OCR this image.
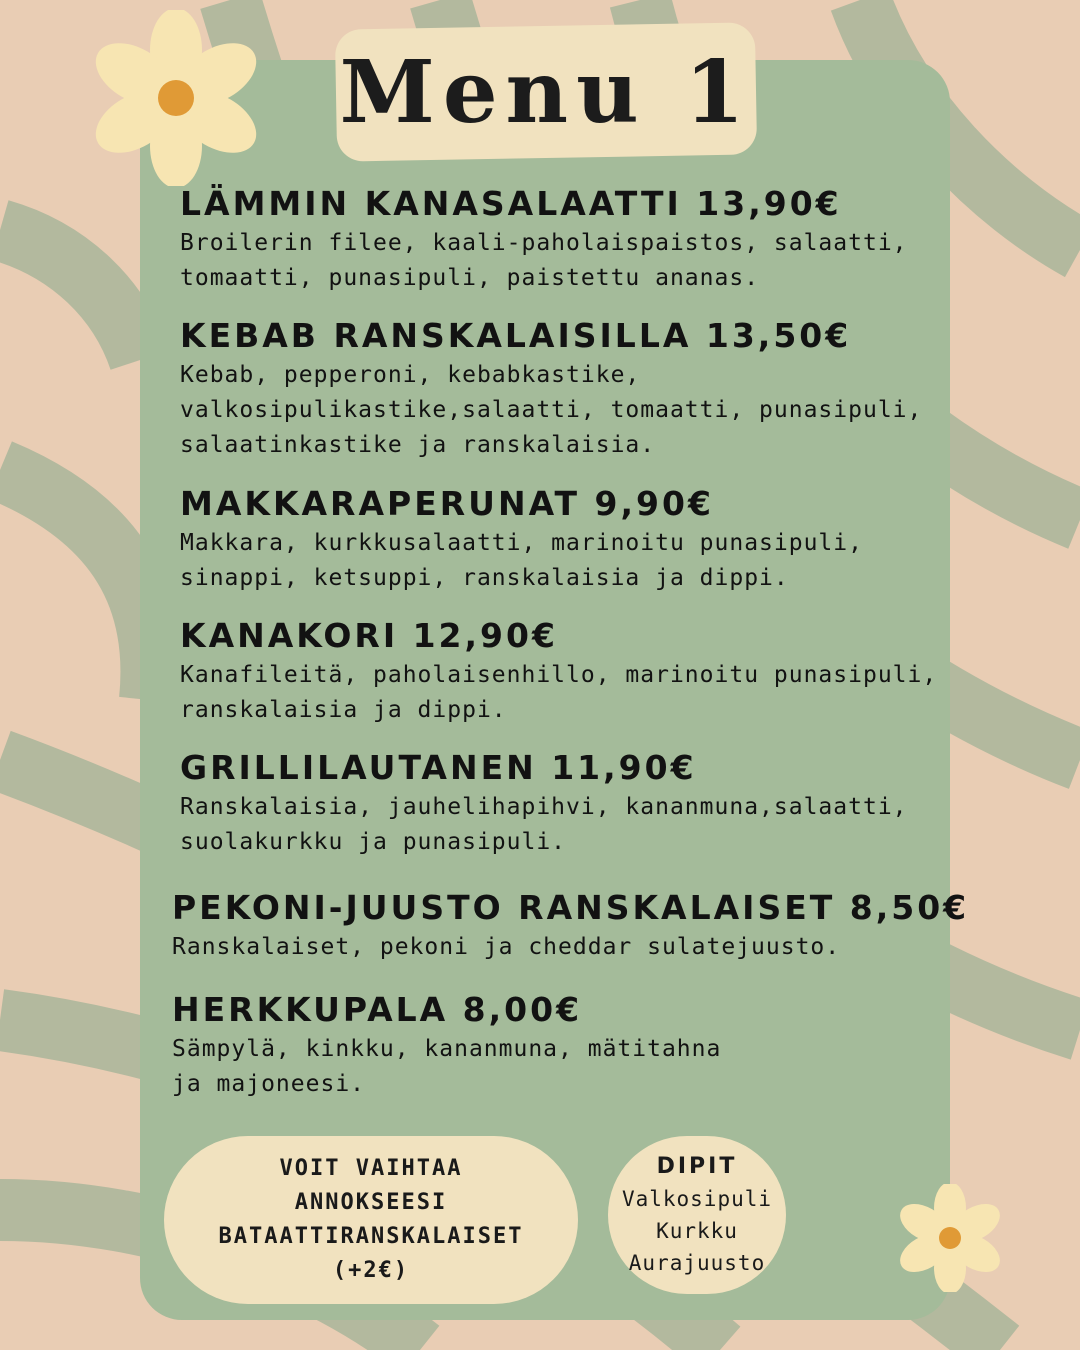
Menu 1
LÄMMIN KANASALAATTI 13,90€
Broilerin filee, kaali-paholaispaistos, salaatti,
tomaatti, punasipuli, paistettu ananas.
KEBAB RANSKALAISILLA 13,50€
Kebab, pepperoni, kebabkastike,
valkosipulikastike,salaatti, tomaatti, punasipuli,
salaatinkastike ja ranskalaisia.
MAKKARAPERUNAT 9,90€
Makkara, kurkkusalaatti, marinoitu punasipuli,
sinappi, ketsuppi, ranskalaisia ja dippi.
KANAKORI 12,90€
Kanafileitä, paholaisenhillo, marinoitu punasipuli,
ranskalaisia ja dippi.
GRILLILAUTANEN 11,90€
Ranskalaisia, jauhelihapihvi, kananmuna,salaatti,
suolakurkku ja punasipuli.
PEKONI-JUUSTO RANSKALAISET 8,50€
Ranskalaiset, pekoni ja cheddar sulatejuusto.
HERKKUPALA 8,00€
Sämpylä, kinkku, kananmuna, mätitahna
ja majoneesi.
VOIT VAIHTAA
ANNOKSEESI
BATAATTIRANSKALAISET
(+2€)
DIPIT
Valkosipuli
Kurkku
Aurajuusto
